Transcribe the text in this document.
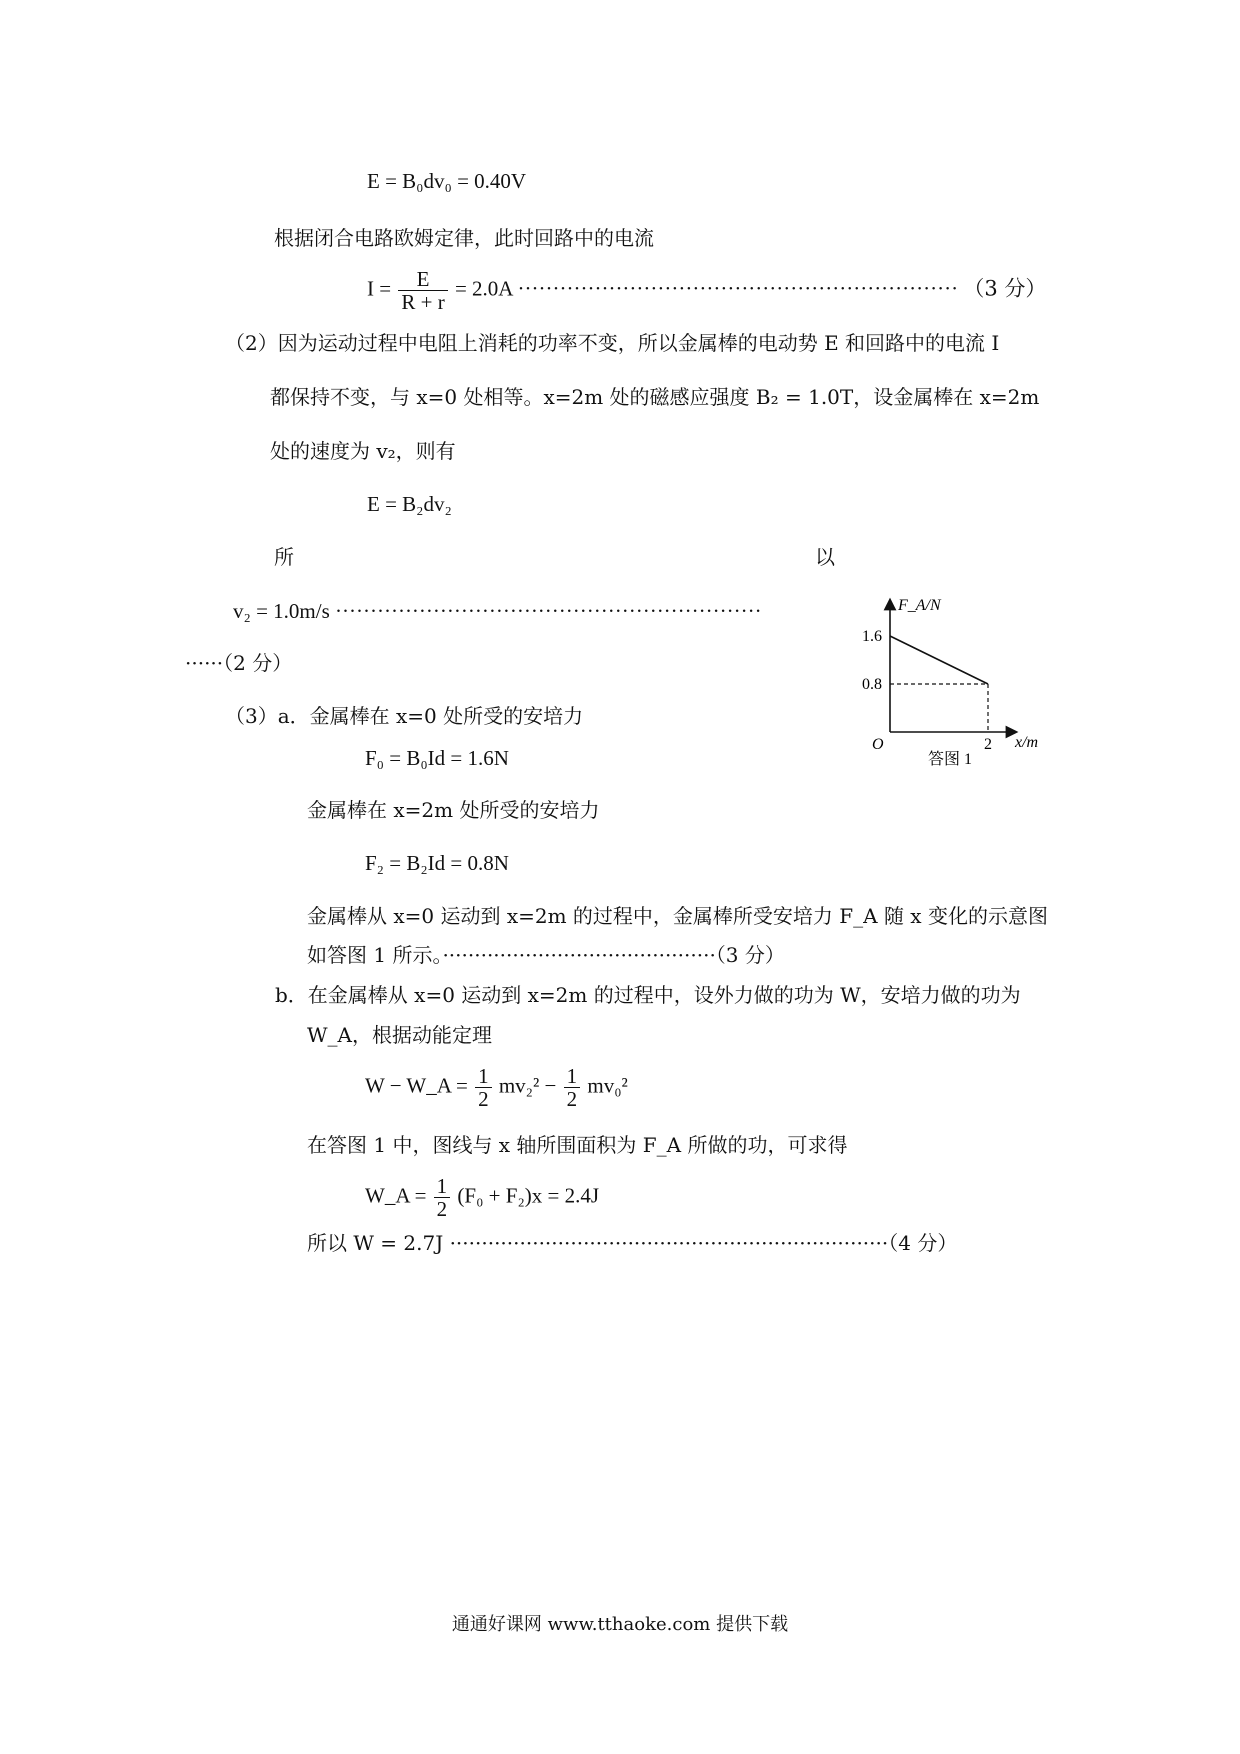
E = B₀dv₀ = 0.40V
根据闭合电路欧姆定律，此时回路中的电流
$I = \frac{E}{R + r} = 2.0A$ ······························································· （3 分）
（2）因为运动过程中电阻上消耗的功率不变，所以金属棒的电动势 E 和回路中的电流 I
都保持不变，与 x=0 处相等。x=2m 处的磁感应强度 B₂ = 1.0T，设金属棒在 x=2m
处的速度为 v₂，则有
E = B₂dv₂
所	以
v₂ = 1.0m/s ·····························································
······（2 分）
（3）a．金属棒在 x=0 处所受的安培力
F₀ = B₀Id = 1.6N
金属棒在 x=2m 处所受的安培力
F₂ = B₂Id = 0.8N
金属棒从 x=0 运动到 x=2m 的过程中，金属棒所受安培力 F_A 随 x 变化的示意图
如答图 1 所示。···········································（3 分）
b．在金属棒从 x=0 运动到 x=2m 的过程中，设外力做的功为 W，安培力做的功为
W_A，根据动能定理
W − W_A = $\frac{1}{2} mv_2^2 - \frac{1}{2} mv_0^2$
在答图 1 中，图线与 x 轴所围面积为 F_A 所做的功，可求得
W_A = $\frac{1}{2} (F_0 + F_2)x = 2.4J$
所以 W = 2.7J ·····································································（4 分）
F_A/N
x/m
O
1.6
0.8
2
答图 1
通通好课网 www.tthaoke.com 提供下载
